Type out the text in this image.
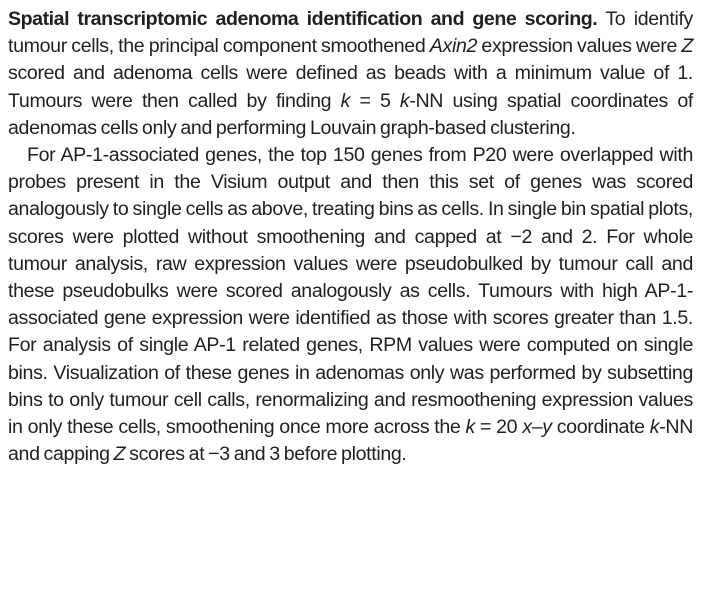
Spatial transcriptomic adenoma identification and gene scoring. To identify tumour cells, the principal component smoothened Axin2 expression values were Z scored and adenoma cells were defined as beads with a minimum value of 1. Tumours were then called by finding k = 5 k-NN using spatial coordinates of adenomas cells only and performing Louvain graph-based clustering.

For AP-1-associated genes, the top 150 genes from P20 were overlapped with probes present in the Visium output and then this set of genes was scored analogously to single cells as above, treating bins as cells. In single bin spatial plots, scores were plotted without smoothening and capped at −2 and 2. For whole tumour analysis, raw expression values were pseudobulked by tumour call and these pseudobulks were scored analogously as cells. Tumours with high AP-1-associated gene expression were identified as those with scores greater than 1.5. For analysis of single AP-1 related genes, RPM values were computed on single bins. Visualization of these genes in adenomas only was performed by subsetting bins to only tumour cell calls, renormalizing and resmoothening expression values in only these cells, smoothening once more across the k = 20 x–y coordinate k-NN and capping Z scores at −3 and 3 before plotting.
